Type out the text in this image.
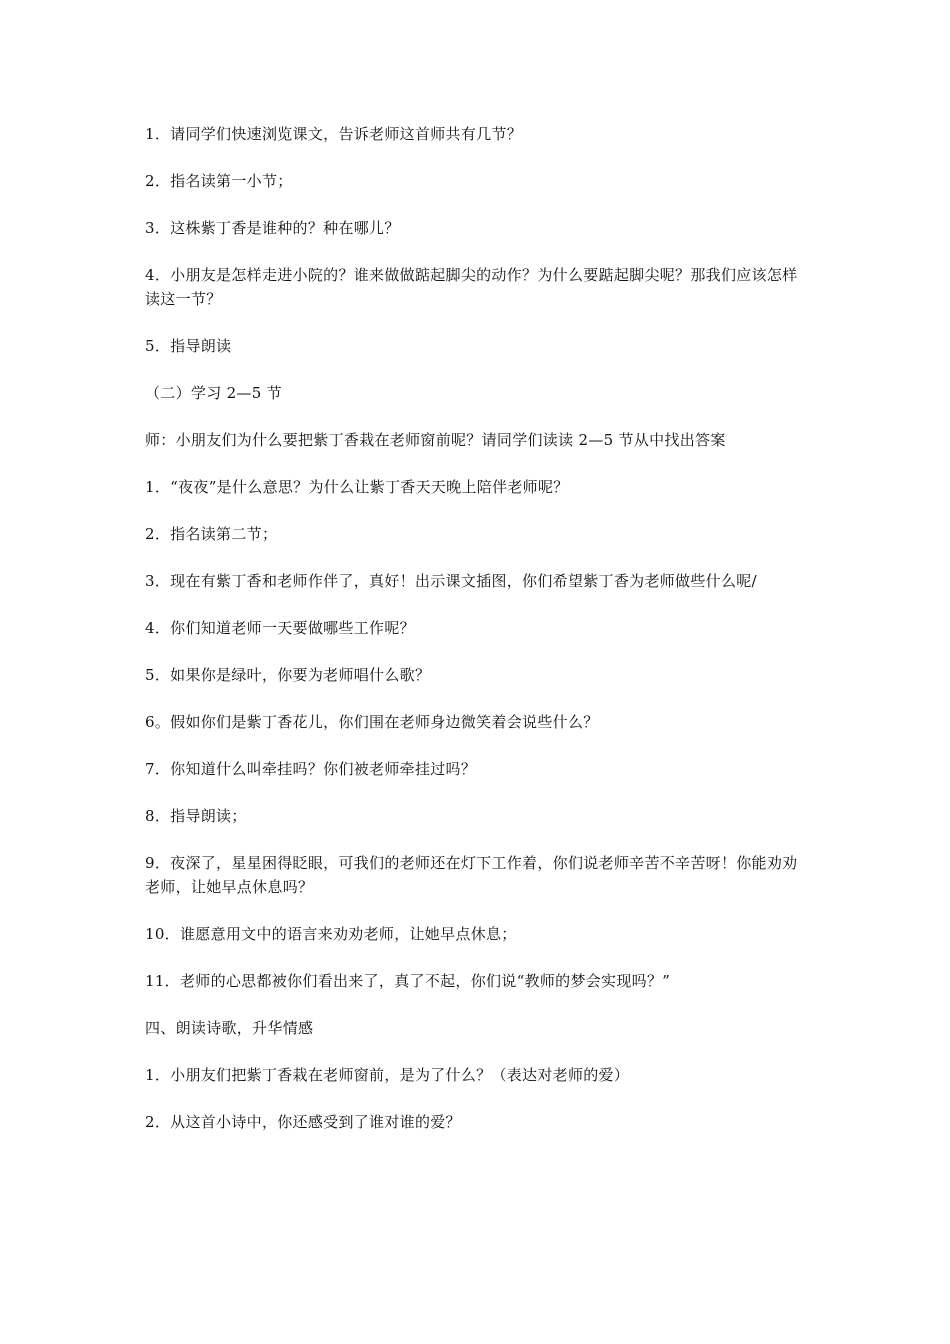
1．请同学们快速浏览课文，告诉老师这首师共有几节？

2．指名读第一小节；

3．这株紫丁香是谁种的？种在哪儿？

4．小朋友是怎样走进小院的？谁来做做踮起脚尖的动作？为什么要踮起脚尖呢？那我们应该怎样读这一节？

5．指导朗读

（二）学习 2—5 节

师：小朋友们为什么要把紫丁香栽在老师窗前呢？请同学们读读 2—5 节从中找出答案

1．“夜夜”是什么意思？为什么让紫丁香天天晚上陪伴老师呢？

2．指名读第二节；

3．现在有紫丁香和老师作伴了，真好！出示课文插图，你们希望紫丁香为老师做些什么呢/

4．你们知道老师一天要做哪些工作呢？

5．如果你是绿叶，你要为老师唱什么歌？

6。假如你们是紫丁香花儿，你们围在老师身边微笑着会说些什么？

7．你知道什么叫牵挂吗？你们被老师牵挂过吗？

8．指导朗读；

9．夜深了，星星困得眨眼，可我们的老师还在灯下工作着，你们说老师辛苦不辛苦呀！你能劝劝老师，让她早点休息吗？

10．谁愿意用文中的语言来劝劝老师，让她早点休息；

11．老师的心思都被你们看出来了，真了不起，你们说“教师的梦会实现吗？”

四、朗读诗歌，升华情感

1．小朋友们把紫丁香栽在老师窗前，是为了什么？（表达对老师的爱）

2．从这首小诗中，你还感受到了谁对谁的爱？
